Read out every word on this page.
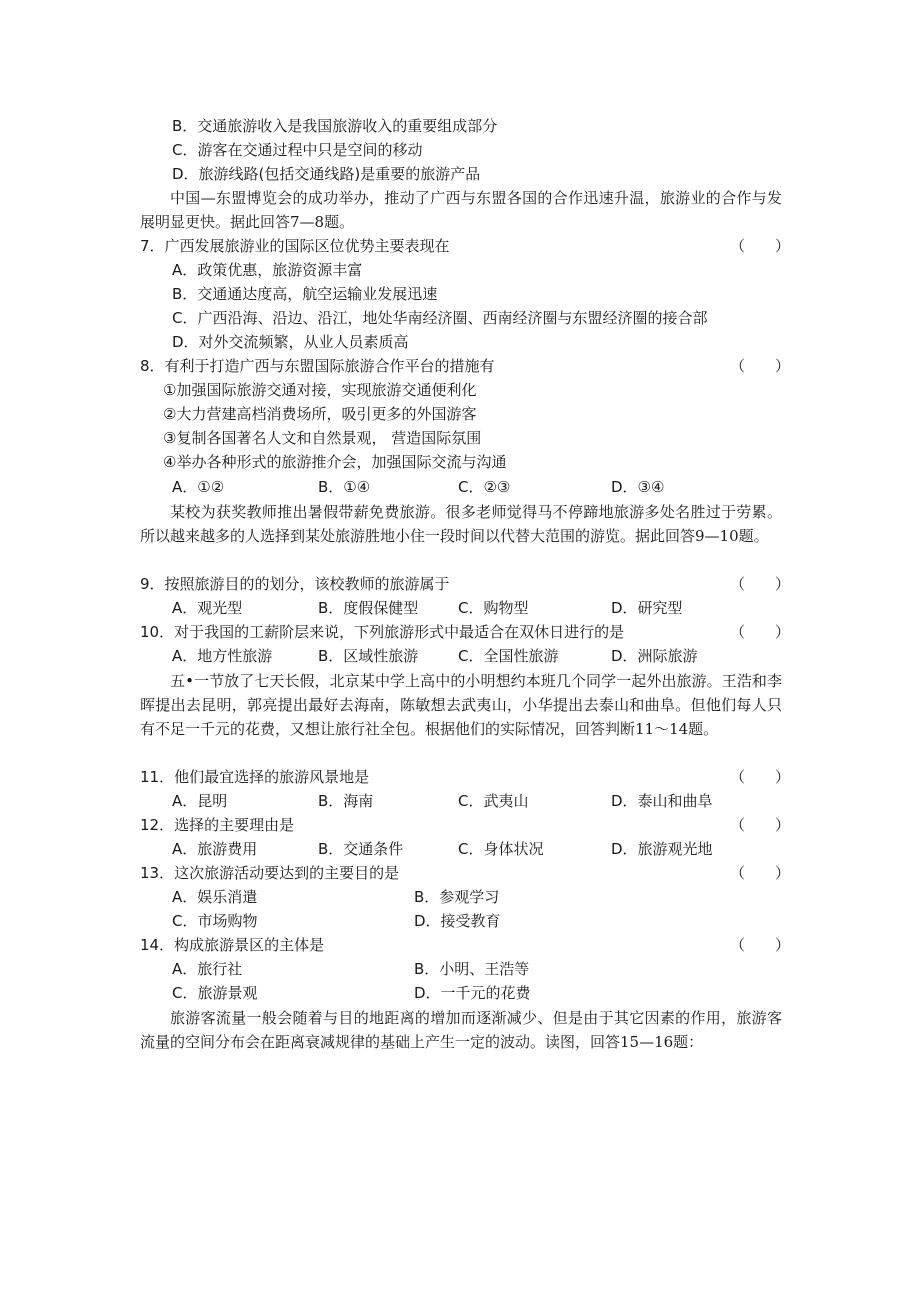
B．交通旅游收入是我国旅游收入的重要组成部分
C．游客在交通过程中只是空间的移动
D．旅游线路(包括交通线路)是重要的旅游产品
中国—东盟博览会的成功举办，推动了广西与东盟各国的合作迅速升温，旅游业的合作与发展明显更快。据此回答7—8题。
7．广西发展旅游业的国际区位优势主要表现在	（　　）
A．政策优惠，旅游资源丰富
B．交通通达度高，航空运输业发展迅速
C．广西沿海、沿边、沿江，地处华南经济圈、西南经济圈与东盟经济圈的接合部
D．对外交流频繁，从业人员素质高
8．有利于打造广西与东盟国际旅游合作平台的措施有	（　　）
①加强国际旅游交通对接，实现旅游交通便利化
②大力营建高档消费场所，吸引更多的外国游客
③复制各国著名人文和自然景观， 营造国际氛围
④举办各种形式的旅游推介会，加强国际交流与沟通
A．①②	B．①④	C．②③	D．③④
某校为获奖教师推出暑假带薪免费旅游。很多老师觉得马不停蹄地旅游多处名胜过于劳累。所以越来越多的人选择到某处旅游胜地小住一段时间以代替大范围的游览。据此回答9—10题。
9．按照旅游目的的划分，该校教师的旅游属于	（　　）
A．观光型	B．度假保健型	C．购物型	D．研究型
10．对于我国的工薪阶层来说，下列旅游形式中最适合在双休日进行的是	（　　）
A．地方性旅游	B．区域性旅游	C．全国性旅游	D．洲际旅游
五•一节放了七天长假，北京某中学上高中的小明想约本班几个同学一起外出旅游。王浩和李晖提出去昆明，郭亮提出最好去海南，陈敏想去武夷山，小华提出去泰山和曲阜。但他们每人只有不足一千元的花费，又想让旅行社全包。根据他们的实际情况，回答判断11～14题。
11．他们最宜选择的旅游风景地是	（　　）
A．昆明	B．海南	C．武夷山	D．泰山和曲阜
12．选择的主要理由是	（　　）
A．旅游费用	B．交通条件	C．身体状况	D．旅游观光地
13．这次旅游活动要达到的主要目的是	（　　）
A．娱乐消遣	B．参观学习
C．市场购物	D．接受教育
14．构成旅游景区的主体是	（　　）
A．旅行社	B．小明、王浩等
C．旅游景观	D．一千元的花费
旅游客流量一般会随着与目的地距离的增加而逐渐减少、但是由于其它因素的作用，旅游客流量的空间分布会在距离衰减规律的基础上产生一定的波动。读图，回答15—16题：
